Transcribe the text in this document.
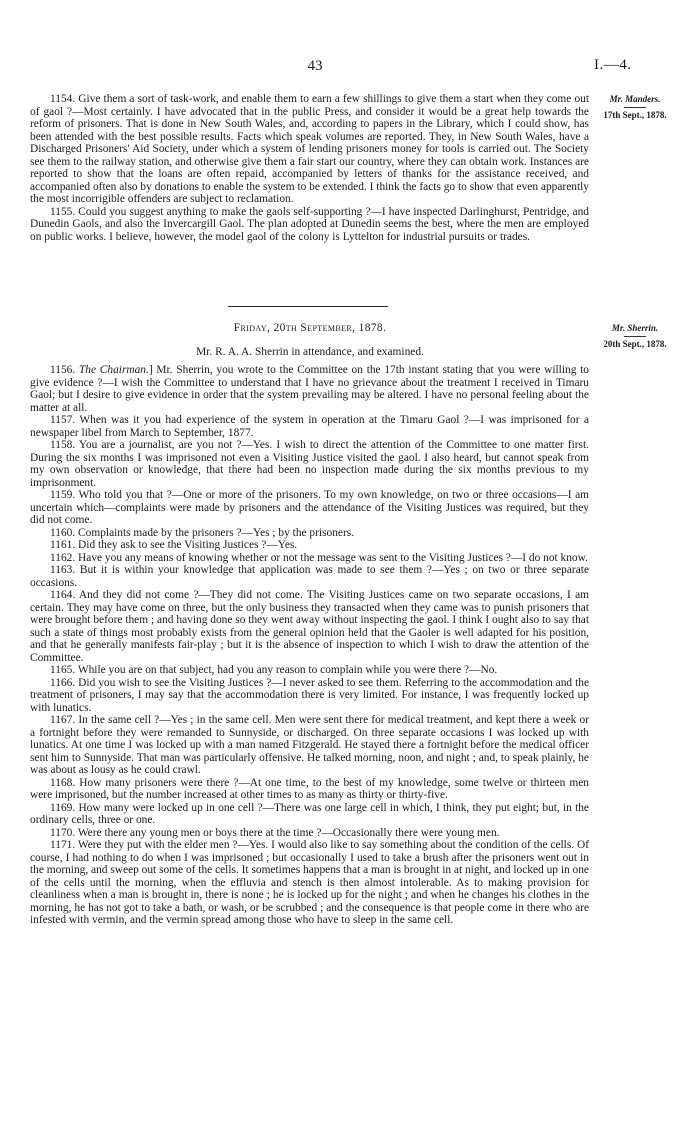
43	I.—4.
Mr. Manders.
17th Sept., 1878.

1154. Give them a sort of task-work, and enable them to earn a few shillings to give them a start when they come out of gaol ?—Most certainly. I have advocated that in the public Press, and consider it would be a great help towards the reform of prisoners. That is done in New South Wales, and, according to papers in the Library, which I could show, has been attended with the best possible results. Facts which speak volumes are reported. They, in New South Wales, have a Discharged Prisoners' Aid Society, under which a system of lending prisoners money for tools is carried out. The Society see them to the railway station, and otherwise give them a fair start our country, where they can obtain work. Instances are reported to show that the loans are often repaid, accompanied by letters of thanks for the assistance received, and accompanied often also by donations to enable the system to be extended. I think the facts go to show that even apparently the most incorrigible offenders are subject to reclamation.

1155. Could you suggest anything to make the gaols self-supporting ?—I have inspected Darlinghurst, Pentridge, and Dunedin Gaols, and also the Invercargill Gaol. The plan adopted at Dunedin seems the best, where the men are employed on public works. I believe, however, the model gaol of the colony is Lyttelton for industrial pursuits or trades.

Friday, 20th September, 1878.
Mr. R. A. A. Sherrin in attendance, and examined.
Mr. Sherrin.
20th Sept., 1878.

1156. The Chairman.] Mr. Sherrin, you wrote to the Committee on the 17th instant stating that you were willing to give evidence ?—I wish the Committee to understand that I have no grievance about the treatment I received in Timaru Gaol; but I desire to give evidence in order that the system prevailing may be altered. I have no personal feeling about the matter at all.

1157. When was it you had experience of the system in operation at the Timaru Gaol ?—I was imprisoned for a newspaper libel from March to September, 1877.

1158. You are a journalist, are you not ?—Yes. I wish to direct the attention of the Committee to one matter first. During the six months I was imprisoned not even a Visiting Justice visited the gaol. I also heard, but cannot speak from my own observation or knowledge, that there had been no inspection made during the six months previous to my imprisonment.

1159. Who told you that ?—One or more of the prisoners. To my own knowledge, on two or three occasions—I am uncertain which—complaints were made by prisoners and the attendance of the Visiting Justices was required, but they did not come.

1160. Complaints made by the prisoners ?—Yes ; by the prisoners.

1161. Did they ask to see the Visiting Justices ?—Yes.

1162. Have you any means of knowing whether or not the message was sent to the Visiting Justices ?—I do not know.

1163. But it is within your knowledge that application was made to see them ?—Yes ; on two or three separate occasions.

1164. And they did not come ?—They did not come. The Visiting Justices came on two separate occasions, I am certain. They may have come on three, but the only business they transacted when they came was to punish prisoners that were brought before them ; and having done so they went away without inspecting the gaol. I think I ought also to say that such a state of things most probably exists from the general opinion held that the Gaoler is well adapted for his position, and that he generally manifests fair-play ; but it is the absence of inspection to which I wish to draw the attention of the Committee.

1165. While you are on that subject, had you any reason to complain while you were there ?—No.

1166. Did you wish to see the Visiting Justices ?—I never asked to see them. Referring to the accommodation and the treatment of prisoners, I may say that the accommodation there is very limited. For instance, I was frequently locked up with lunatics.

1167. In the same cell ?—Yes ; in the same cell. Men were sent there for medical treatment, and kept there a week or a fortnight before they were remanded to Sunnyside, or discharged. On three separate occasions I was locked up with lunatics. At one time I was locked up with a man named Fitzgerald. He stayed there a fortnight before the medical officer sent him to Sunnyside. That man was particularly offensive. He talked morning, noon, and night ; and, to speak plainly, he was about as lousy as he could crawl.

1168. How many prisoners were there ?—At one time, to the best of my knowledge, some twelve or thirteen men were imprisoned, but the number increased at other times to as many as thirty or thirty-five.

1169. How many were locked up in one cell ?—There was one large cell in which, I think, they put eight; but, in the ordinary cells, three or one.

1170. Were there any young men or boys there at the time ?—Occasionally there were young men.

1171. Were they put with the elder men ?—Yes. I would also like to say something about the condition of the cells. Of course, I had nothing to do when I was imprisoned ; but occasionally I used to take a brush after the prisoners went out in the morning, and sweep out some of the cells. It sometimes happens that a man is brought in at night, and locked up in one of the cells until the morning, when the effluvia and stench is then almost intolerable. As to making provision for cleanliness when a man is brought in, there is none ; he is locked up for the night ; and when he changes his clothes in the morning, he has not got to take a bath, or wash, or be scrubbed ; and the consequence is that people come in there who are infested with vermin, and the vermin spread among those who have to sleep in the same cell.
